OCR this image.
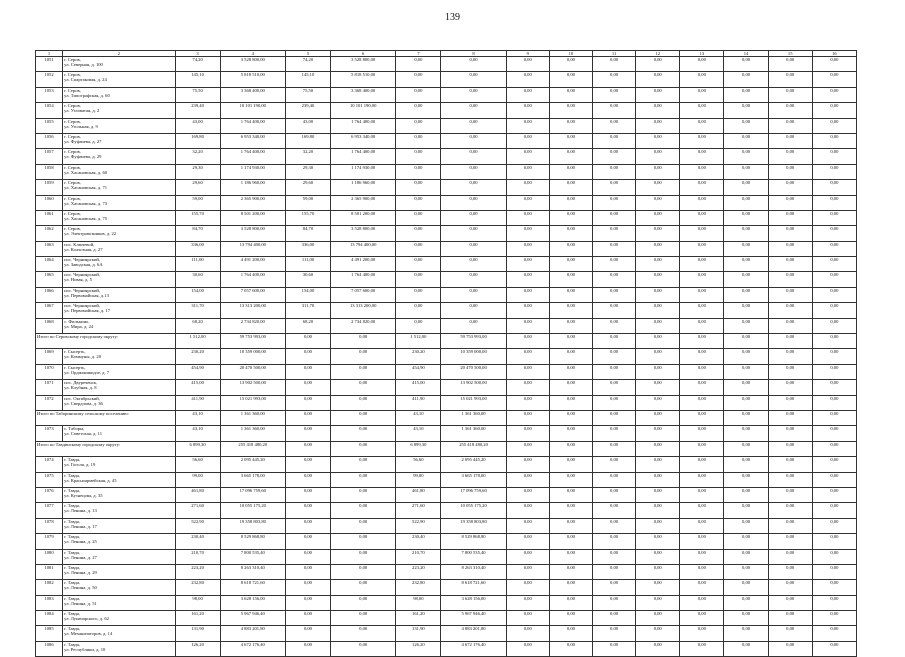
139
1	2	3	4	5	6	7	8	9	10	11	12	13	14	15	16
1051	г. Серов,
ул. Северная, д. 100	74,20	3 528 800,00	74,20	3 528 800,00	0,00	0,00	0,00	0,00	0,00	0,00	0,00	0,00	0,00	0,00
1052	г. Серов,
ул. Спартаковая, д. 24	145,10	5 818 510,00	145,10	5 818 510,00	0,00	0,00	0,00	0,00	0,00	0,00	0,00	0,00	0,00	0,00
1053	г. Серов,
ул. Типографская, д. 60	75,50	3 368 400,00	75,50	3 368 400,00	0,00	0,00	0,00	0,00	0,00	0,00	0,00	0,00	0,00	0,00
1054	г. Серов,
ул. Угловатая, д. 2	239,40	10 101 190,00	239,40	10 101 190,00	0,00	0,00	0,00	0,00	0,00	0,00	0,00	0,00	0,00	0,00
1055	г. Серов,
ул. Угольная, д. 9	43,00	1 764 400,00	43,00	1 764 400,00	0,00	0,00	0,00	0,00	0,00	0,00	0,00	0,00	0,00	0,00
1056	г. Серов,
ул. Фуфачева, д. 27	169,80	6 953 340,00	169,80	6 953 340,00	0,00	0,00	0,00	0,00	0,00	0,00	0,00	0,00	0,00	0,00
1057	г. Серов,
ул. Фуфачева, д. 29	32,20	1 764 400,00	32,20	1 764 400,00	0,00	0,00	0,00	0,00	0,00	0,00	0,00	0,00	0,00	0,00
1058	г. Серов,
ул. Хасановская, д. 60	29,30	1 174 930,00	29,30	1 174 930,00	0,00	0,00	0,00	0,00	0,00	0,00	0,00	0,00	0,00	0,00
1059	г. Серов,
ул. Хасановская, д. 71	29,60	1 186 960,00	29,60	1 186 960,00	0,00	0,00	0,00	0,00	0,00	0,00	0,00	0,00	0,00	0,00
1060	г. Серов,
ул. Хасановская, д. 73	59,00	2 365 900,00	59,00	2 365 900,00	0,00	0,00	0,00	0,00	0,00	0,00	0,00	0,00	0,00	0,00
1061	г. Серов,
ул. Хасановская, д. 75	155,70	8 501 200,00	155,70	8 501 200,00	0,00	0,00	0,00	0,00	0,00	0,00	0,00	0,00	0,00	0,00
1062	г. Серов,
ул. Электровозников, д. 22	84,70	3 528 800,00	84,70	3 528 800,00	0,00	0,00	0,00	0,00	0,00	0,00	0,00	0,00	0,00	0,00
1063	пос. Ключевой,
ул. Колхозная, д. 27	336,00	13 794 400,00	336,00	13 794 400,00	0,00	0,00	0,00	0,00	0,00	0,00	0,00	0,00	0,00	0,00
1064	пос. Черноярский,
ул. Заводская, д. 6А	111,00	4 491 200,00	111,00	4 491 200,00	0,00	0,00	0,00	0,00	0,00	0,00	0,00	0,00	0,00	0,00
1065	пос. Черноярский,
ул. Новая, д. 5	30,60	1 764 400,00	30,60	1 764 400,00	0,00	0,00	0,00	0,00	0,00	0,00	0,00	0,00	0,00	0,00
1066	пос. Черноярский,
ул. Первомайская, д.13	154,00	7 057 600,00	154,00	7 057 600,00	0,00	0,00	0,00	0,00	0,00	0,00	0,00	0,00	0,00	0,00
1067	пос. Черноярский,
ул. Первомайская, д. 17	311,70	13 313 200,00	311,70	13 313 200,00	0,00	0,00	0,00	0,00	0,00	0,00	0,00	0,00	0,00	0,00
1068	с. Филькино,
ул. Мира, д. 24	68,20	2 734 820,00	68,20	2 734 820,00	0,00	0,00	0,00	0,00	0,00	0,00	0,00	0,00	0,00	0,00
Итого по Серовскому городскому округу:		1 512,00	59 753 993,00	0,00	0,00	1 512,00	59 753 993,00	0,00	0,00	0,00	0,00	0,00	0,00	0,00	0,00
1069	г. Сысерть,
ул. Коммуны, д. 20	230,20	10 359 000,00	0,00	0,00	230,20	10 359 000,00	0,00	0,00	0,00	0,00	0,00	0,00	0,00	0,00
1070	г. Сысерть,
ул. Орджоникидзе, д. 7	454,90	20 470 500,00	0,00	0,00	454,90	20 470 500,00	0,00	0,00	0,00	0,00	0,00	0,00	0,00	0,00
1071	пос. Двуреченск,
ул. Клубная, д. 8	415,00	13 902 500,00	0,00	0,00	415,00	13 902 500,00	0,00	0,00	0,00	0,00	0,00	0,00	0,00	0,00
1072	пос. Октябрьский,
ул. Свердлова, д. 36	411,90	15 021 993,00	0,00	0,00	411,90	15 021 993,00	0,00	0,00	0,00	0,00	0,00	0,00	0,00	0,00
Итого по Таборинскому сельскому поселению:		43,10	1 361 360,00	0,00	0,00	43,10	1 361 360,00	0,00	0,00	0,00	0,00	0,00	0,00	0,00	0,00
1073	с. Таборы,
ул. Советская, д. 11	43,10	1 361 360,00	0,00	0,00	43,10	1 361 360,00	0,00	0,00	0,00	0,00	0,00	0,00	0,00	0,00
Итого по Тавдинскому городскому округу:		6 899,30	255 418 480,20	0,00	0,00	6 899,30	255 418 480,20	0,00	0,00	0,00	0,00	0,00	0,00	0,00	0,00
1074	г. Тавда,
ул. Гоголя, д. 19	56,60	2 095 445,20	0,00	0,00	56,60	2 095 445,20	0,00	0,00	0,00	0,00	0,00	0,00	0,00	0,00
1075	г. Тавда,
ул. Красноармейская, д. 45	99,00	3 665 178,00	0,00	0,00	99,00	3 665 178,00	0,00	0,00	0,00	0,00	0,00	0,00	0,00	0,00
1076	г. Тавда,
ул. Кузнецова, д. 35	461,80	17 096 759,60	0,00	0,00	461,80	17 096 759,60	0,00	0,00	0,00	0,00	0,00	0,00	0,00	0,00
1077	г. Тавда,
ул. Ленина, д. 13	271,60	10 055 175,20	0,00	0,00	271,60	10 055 175,20	0,00	0,00	0,00	0,00	0,00	0,00	0,00	0,00
1078	г. Тавда,
ул. Ленина, д. 17	522,90	19 358 803,80	0,00	0,00	522,90	19 358 803,80	0,00	0,00	0,00	0,00	0,00	0,00	0,00	0,00
1079	г. Тавда,
ул. Ленина, д. 25	230,40	8 529 868,80	0,00	0,00	230,40	8 529 868,80	0,00	0,00	0,00	0,00	0,00	0,00	0,00	0,00
1080	г. Тавда,
ул. Ленина, д. 27	210,70	7 800 535,40	0,00	0,00	210,70	7 800 535,40	0,00	0,00	0,00	0,00	0,00	0,00	0,00	0,00
1081	г. Тавда,
ул. Ленина, д. 29	223,20	8 263 310,40	0,00	0,00	223,20	8 263 310,40	0,00	0,00	0,00	0,00	0,00	0,00	0,00	0,00
1082	г. Тавда,
ул. Ленина, д. 50	232,80	8 618 721,60	0,00	0,00	232,80	8 618 721,60	0,00	0,00	0,00	0,00	0,00	0,00	0,00	0,00
1083	г. Тавда,
ул. Ленина, д. 51	98,00	3 628 156,00	0,00	0,00	98,00	3 628 156,00	0,00	0,00	0,00	0,00	0,00	0,00	0,00	0,00
1084	г. Тавда,
ул. Луначарского, д. 62	161,20	5 967 946,40	0,00	0,00	161,20	5 967 946,40	0,00	0,00	0,00	0,00	0,00	0,00	0,00	0,00
1085	г. Тавда,
ул. Механизаторов, д. 14	131,90	4 883 201,80	0,00	0,00	131,90	4 883 201,80	0,00	0,00	0,00	0,00	0,00	0,00	0,00	0,00
1086	г. Тавда,
ул. Республики, д. 10	126,20	4 672 176,40	0,00	0,00	126,20	4 672 176,40	0,00	0,00	0,00	0,00	0,00	0,00	0,00	0,00
